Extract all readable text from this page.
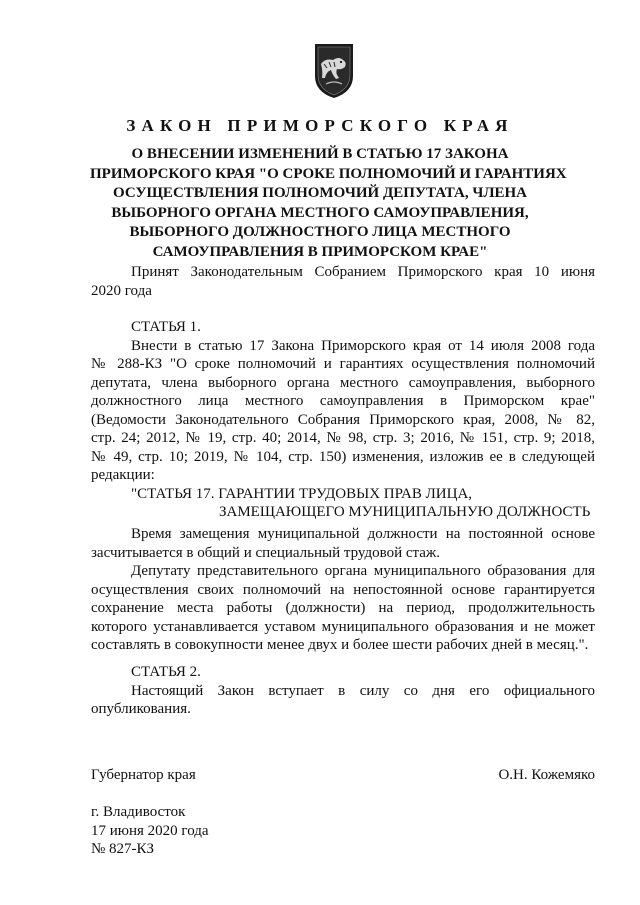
ЗАКОН ПРИМОРСКОГО КРАЯ
О ВНЕСЕНИИ ИЗМЕНЕНИЙ В СТАТЬЮ 17 ЗАКОНА
ПРИМОРСКОГО КРАЯ "О СРОКЕ ПОЛНОМОЧИЙ И ГАРАНТИЯХ
ОСУЩЕСТВЛЕНИЯ ПОЛНОМОЧИЙ ДЕПУТАТА, ЧЛЕНА
ВЫБОРНОГО ОРГАНА МЕСТНОГО САМОУПРАВЛЕНИЯ,
ВЫБОРНОГО ДОЛЖНОСТНОГО ЛИЦА МЕСТНОГО
САМОУПРАВЛЕНИЯ В ПРИМОРСКОМ КРАЕ"
Принят Законодательным Собранием Приморского края 10 июня
2020 года
СТАТЬЯ 1.
Внести в статью 17 Закона Приморского края от 14 июля 2008 года
№ 288-КЗ "О сроке полномочий и гарантиях осуществления полномочий
депутата, члена выборного органа местного самоуправления, выборного
должностного лица местного самоуправления в Приморском крае"
(Ведомости Законодательного Собрания Приморского края, 2008, № 82,
стр. 24; 2012, № 19, стр. 40; 2014, № 98, стр. 3; 2016, № 151, стр. 9; 2018,
№ 49, стр. 10; 2019, № 104, стр. 150) изменения, изложив ее в следующей
редакции:
"СТАТЬЯ 17. ГАРАНТИИ ТРУДОВЫХ ПРАВ ЛИЦА,
ЗАМЕЩАЮЩЕГО МУНИЦИПАЛЬНУЮ ДОЛЖНОСТЬ
Время замещения муниципальной должности на постоянной основе
засчитывается в общий и специальный трудовой стаж.
Депутату представительного органа муниципального образования для
осуществления своих полномочий на непостоянной основе гарантируется
сохранение места работы (должности) на период, продолжительность
которого устанавливается уставом муниципального образования и не может
составлять в совокупности менее двух и более шести рабочих дней в месяц.".
СТАТЬЯ 2.
Настоящий Закон вступает в силу со дня его официального
опубликования.
Губернатор края	О.Н. Кожемяко
г. Владивосток
17 июня 2020 года
№ 827-КЗ
